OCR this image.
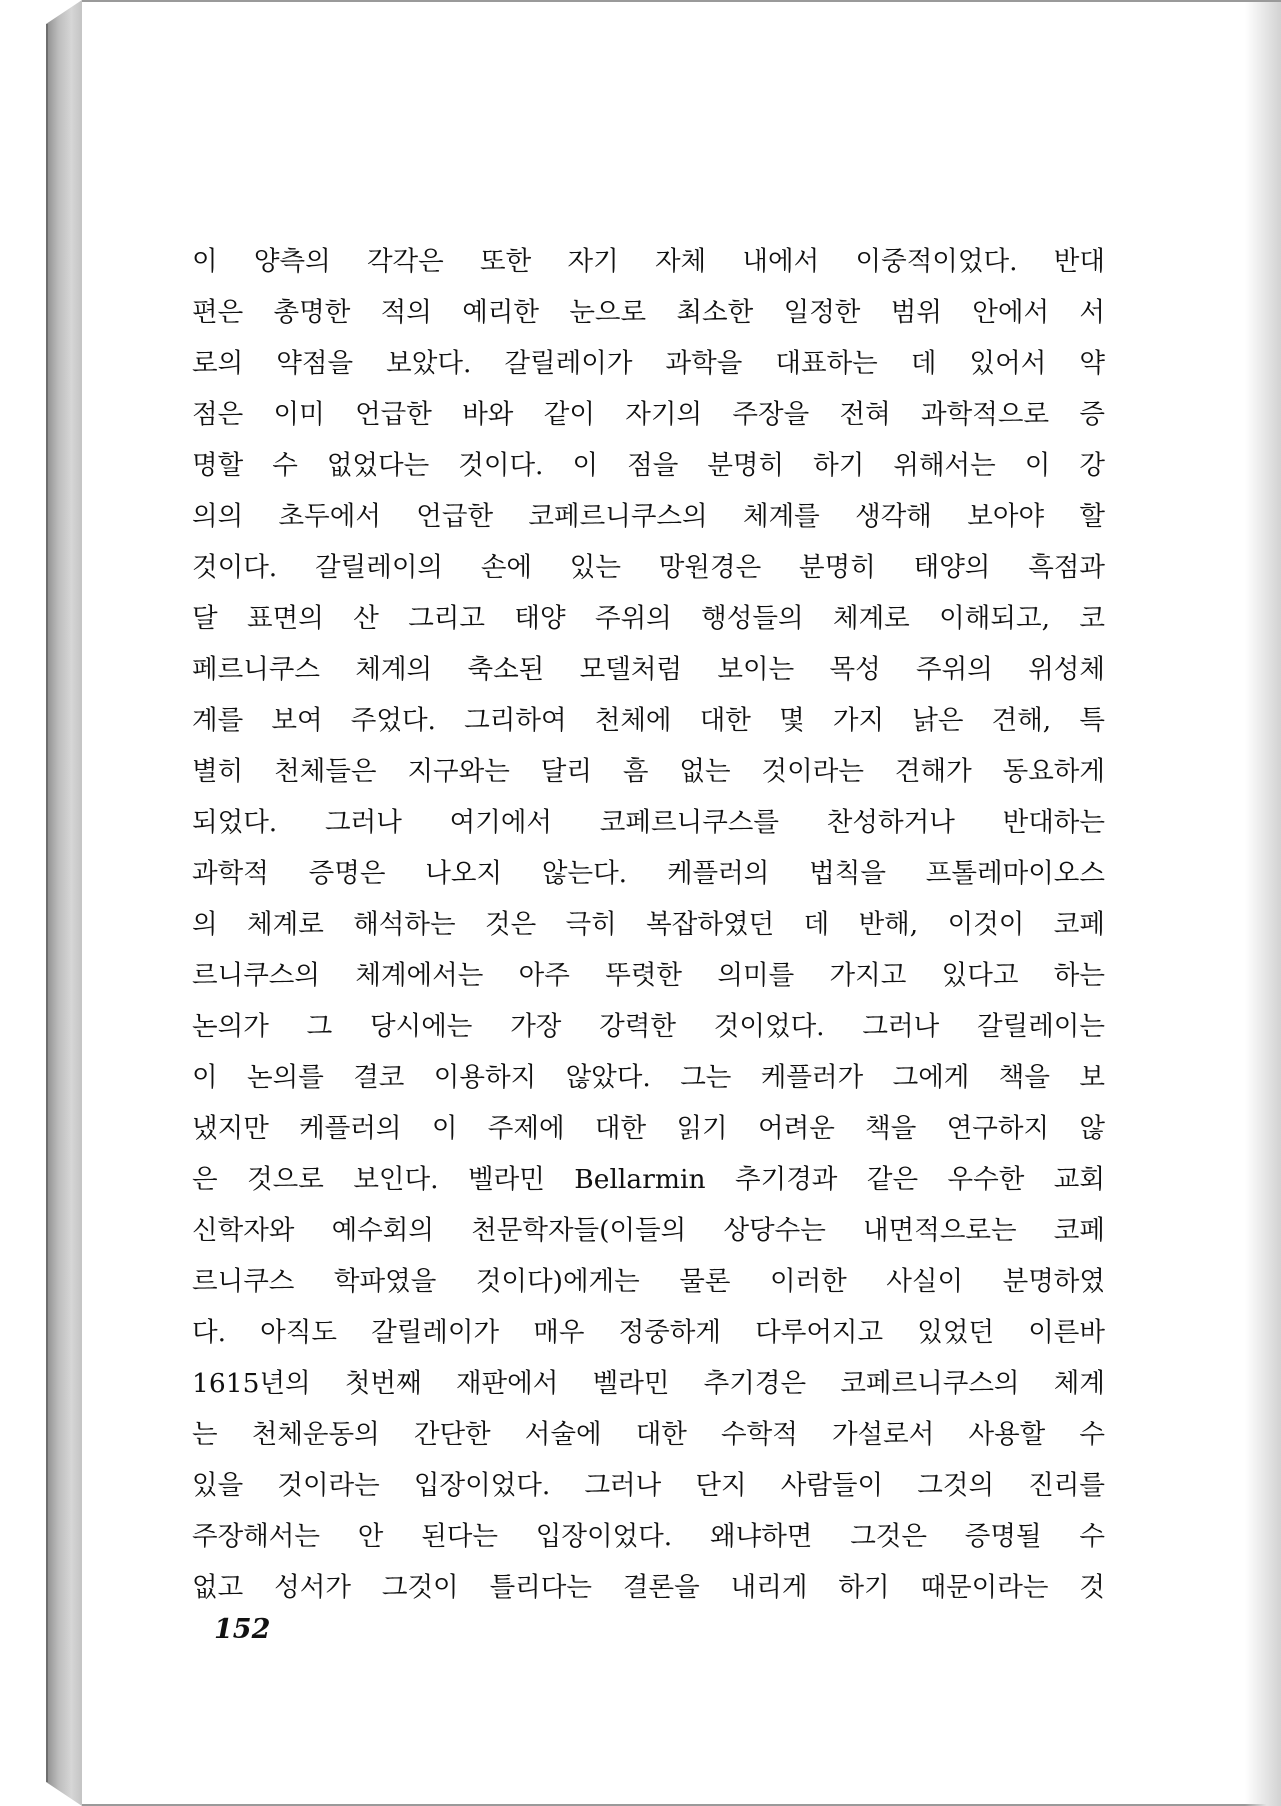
이 양측의 각각은 또한 자기 자체 내에서 이중적이었다. 반대
편은 총명한 적의 예리한 눈으로 최소한 일정한 범위 안에서 서
로의 약점을 보았다. 갈릴레이가 과학을 대표하는 데 있어서 약
점은 이미 언급한 바와 같이 자기의 주장을 전혀 과학적으로 증
명할 수 없었다는 것이다. 이 점을 분명히 하기 위해서는 이 강
의의 초두에서 언급한 코페르니쿠스의 체계를 생각해 보아야 할
것이다. 갈릴레이의 손에 있는 망원경은 분명히 태양의 흑점과
달 표면의 산 그리고 태양 주위의 행성들의 체계로 이해되고, 코
페르니쿠스 체계의 축소된 모델처럼 보이는 목성 주위의 위성체
계를 보여 주었다. 그리하여 천체에 대한 몇 가지 낡은 견해, 특
별히 천체들은 지구와는 달리 흠 없는 것이라는 견해가 동요하게
되었다. 그러나 여기에서 코페르니쿠스를 찬성하거나 반대하는
과학적 증명은 나오지 않는다. 케플러의 법칙을 프톨레마이오스
의 체계로 해석하는 것은 극히 복잡하였던 데 반해, 이것이 코페
르니쿠스의 체계에서는 아주 뚜렷한 의미를 가지고 있다고 하는
논의가 그 당시에는 가장 강력한 것이었다. 그러나 갈릴레이는
이 논의를 결코 이용하지 않았다. 그는 케플러가 그에게 책을 보
냈지만 케플러의 이 주제에 대한 읽기 어려운 책을 연구하지 않
은 것으로 보인다. 벨라민 Bellarmin 추기경과 같은 우수한 교회
신학자와 예수회의 천문학자들(이들의 상당수는 내면적으로는 코페
르니쿠스 학파였을 것이다)에게는 물론 이러한 사실이 분명하였
다. 아직도 갈릴레이가 매우 정중하게 다루어지고 있었던 이른바
1615년의 첫번째 재판에서 벨라민 추기경은 코페르니쿠스의 체계
는 천체운동의 간단한 서술에 대한 수학적 가설로서 사용할 수
있을 것이라는 입장이었다. 그러나 단지 사람들이 그것의 진리를
주장해서는 안 된다는 입장이었다. 왜냐하면 그것은 증명될 수
없고 성서가 그것이 틀리다는 결론을 내리게 하기 때문이라는 것
152
